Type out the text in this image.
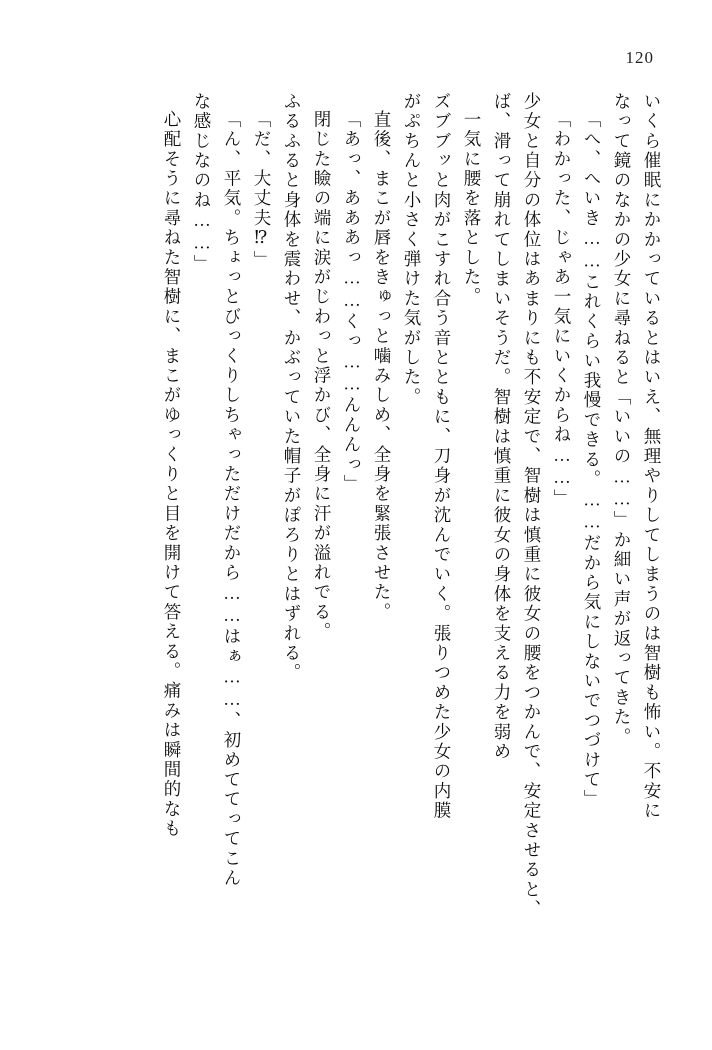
120
いくら催眠にかかっているとはいえ、無理やりしてしまうのは智樹も怖い。不安に
なって鏡のなかの少女に尋ねると「いいの……」か細い声が返ってきた。
「へ、へいき……これくらい我慢できる。……だから気にしないでつづけて」
「わかった、じゃあ一気にいくからね……」
少女と自分の体位はあまりにも不安定で、智樹は慎重に彼女の腰をつかんで、安定させると、
ば、滑って崩れてしまいそうだ。智樹は慎重に彼女の身体を支える力を弱め
一気に腰を落とした。
ズブブッと肉がこすれ合う音とともに、刀身が沈んでいく。張りつめた少女の内膜
がぷちんと小さく弾けた気がした。
直後、まこが唇をきゅっと噛みしめ、全身を緊張させた。
「あっ、あああっ……くっ……んんんっ」
閉じた瞼の端に涙がじわっと浮かび、全身に汗が溢れでる。
ふるふると身体を震わせ、かぶっていた帽子がぽろりとはずれる。
「だ、大丈夫⁉」
「ん、平気。ちょっとびっくりしちゃっただけだから……はぁ……、初めててってこん
な感じなのね……」
心配そうに尋ねた智樹に、まこがゆっくりと目を開けて答える。痛みは瞬間的なも
